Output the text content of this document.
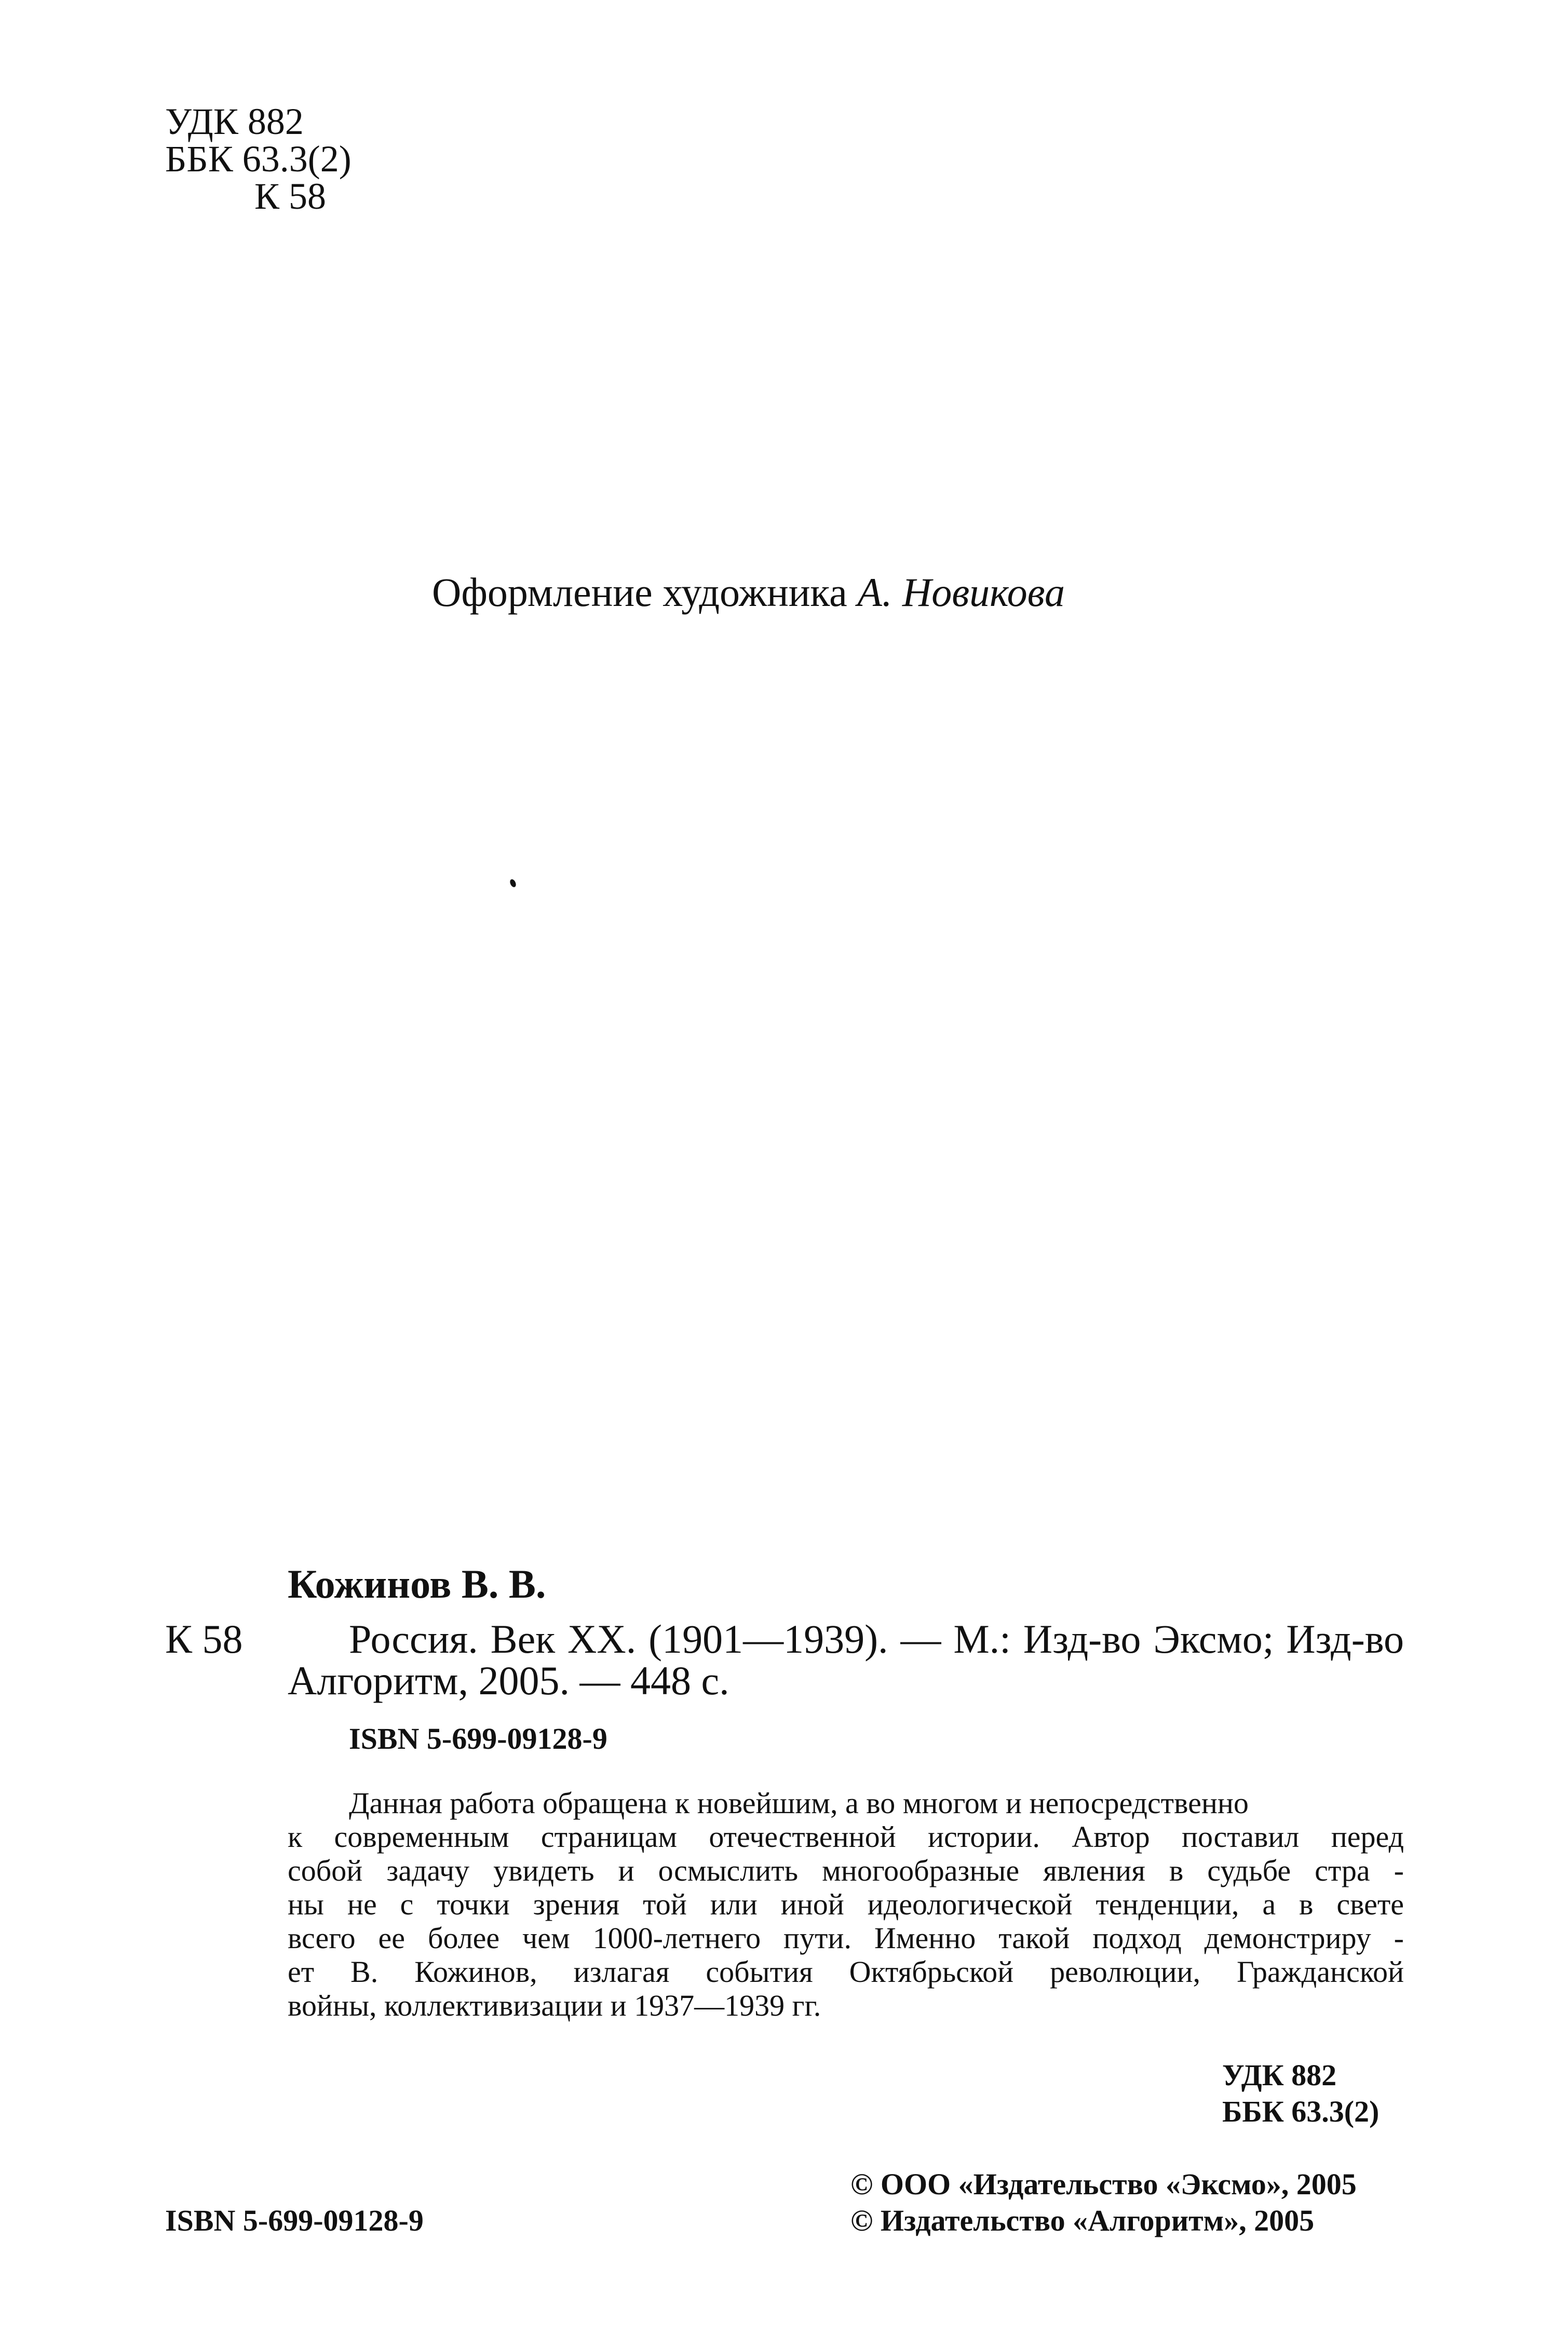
УДК 882
ББК 63.3(2)
К 58
Оформление художника А. Новикова
Кожинов В. В.
К 58	Россия. Век XX. (1901—1939). — М.: Изд-во Эксмо; Изд-во
Алгоритм, 2005. — 448 с.
ISBN 5-699-09128-9
Данная работа обращена к новейшим, а во многом и непосредственно
к современным страницам отечественной истории. Автор поставил перед
собой задачу увидеть и осмыслить многообразные явления в судьбе стра -
ны не с точки зрения той или иной идеологической тенденции, а в свете
всего ее более чем 1000-летнего пути. Именно такой подход демонстриру -
ет В. Кожинов, излагая события Октябрьской революции, Гражданской
войны, коллективизации и 1937—1939 гг.
УДК 882
ББК 63.3(2)
ISBN 5-699-09128-9
© ООО «Издательство «Эксмо», 2005
© Издательство «Алгоритм», 2005
